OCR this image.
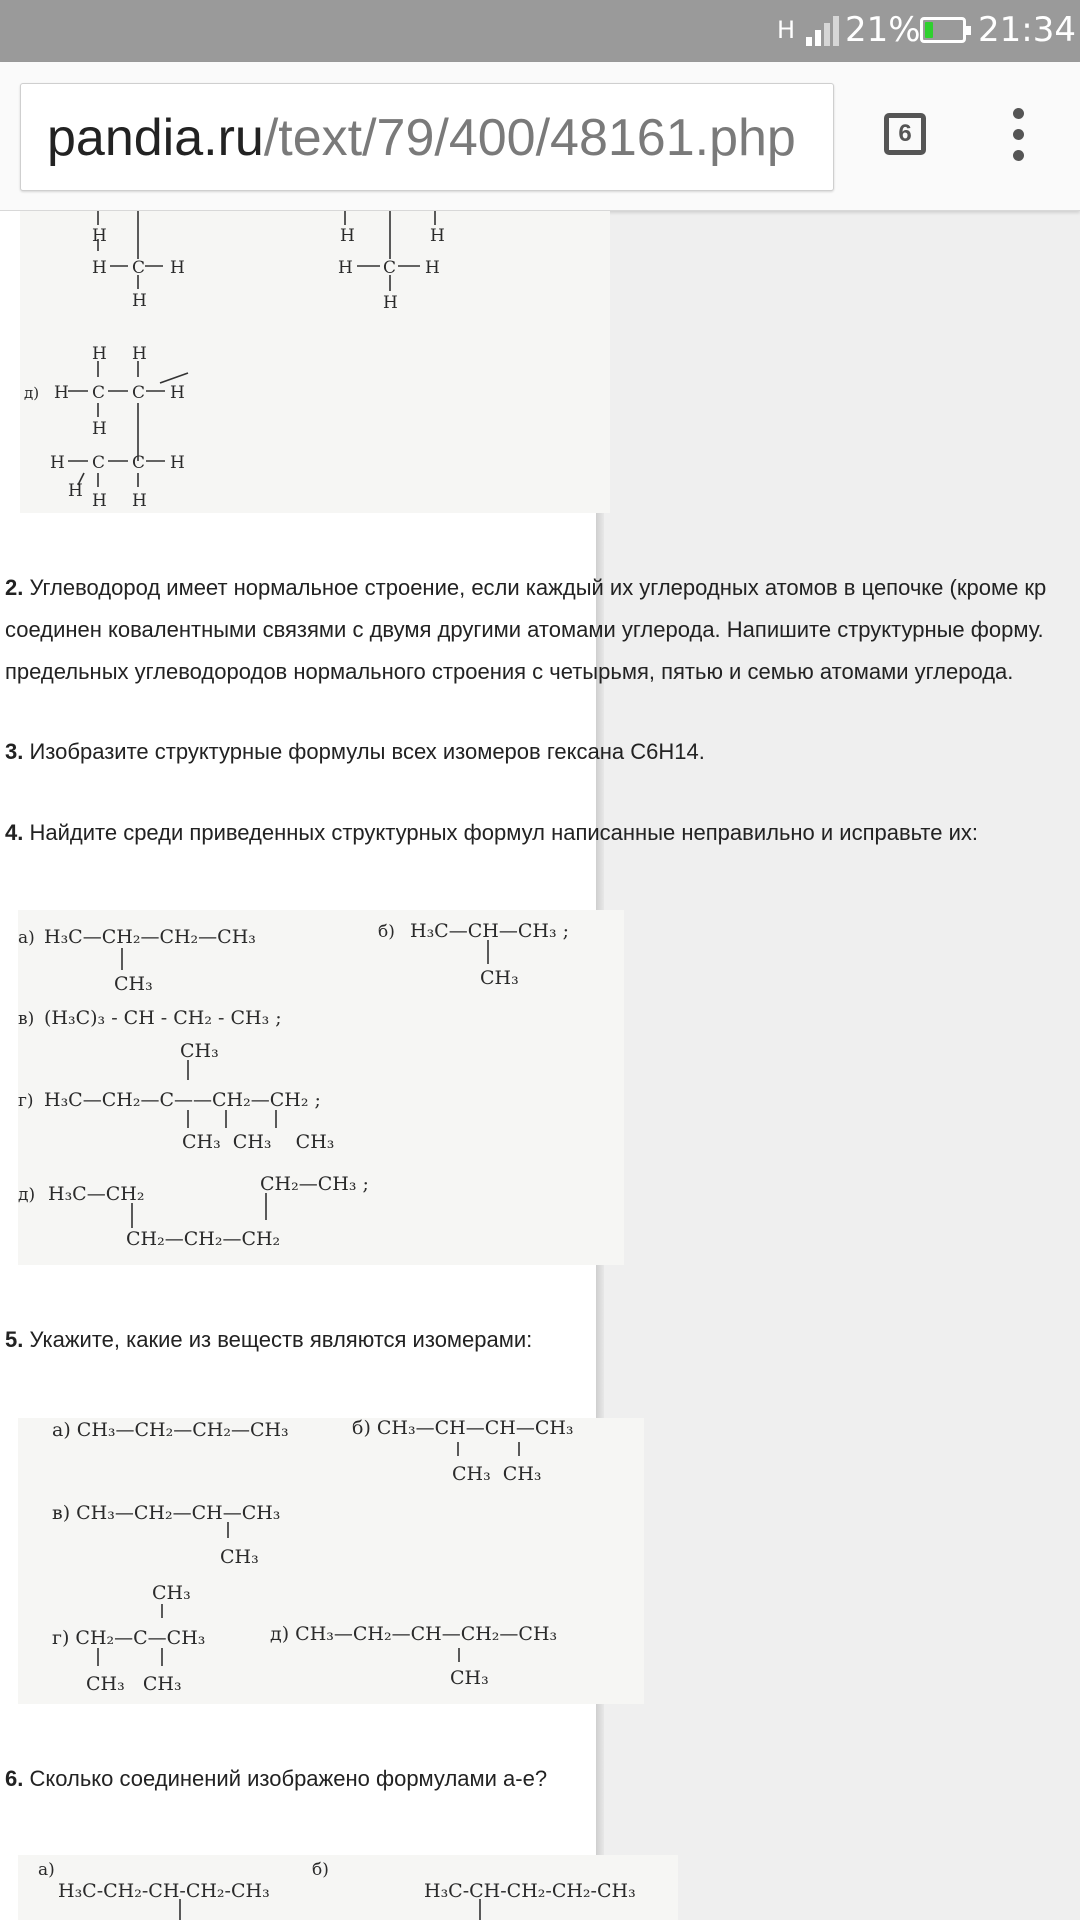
H 21% 21:34
pandia.ru/text/79/400/48161.php	6
H
H C H
H
H	H
H C H
H
H H
д) H C C H
H
H C C H
H H H
2. Углеводород имеет нормальное строение, если каждый их углеродных атомов в цепочке (кроме кр
соединен ковалентными связями с двумя другими атомами углерода. Напишите структурные форму.
предельных углеводородов нормального строения с четырьмя, пятью и семью атомами углерода.
3. Изобразите структурные формулы всех изомеров гексана С6Н14.
4. Найдите среди приведенных структурных формул написанные неправильно и исправьте их:
а) H₃C—CH₂—CH₂—CH₃
CH₃
б) H₃C—CH—CH₃ ;
CH₃
в) (H₃C)₃ - CH - CH₂ - CH₃ ;
CH₃
г) H₃C—CH₂—C——CH₂—CH₂ ;
CH₃  CH₃    CH₃
д) H₃C—CH₂	CH₂—CH₃ ;
CH₂—CH₂—CH₂
5. Укажите, какие из веществ являются изомерами:
а) CH₃—CH₂—CH₂—CH₃	б) CH₃—CH—CH—CH₃
CH₃  CH₃
в) CH₃—CH₂—CH—CH₃
CH₃
CH₃
г) CH₂—C—CH₃
CH₃   CH₃
д) CH₃—CH₂—CH—CH₂—CH₃
CH₃
6. Сколько соединений изображено формулами а-е?
а)
H₃C-CH₂-CH-CH₂-CH₃
б)
H₃C-CH-CH₂-CH₂-CH₃
